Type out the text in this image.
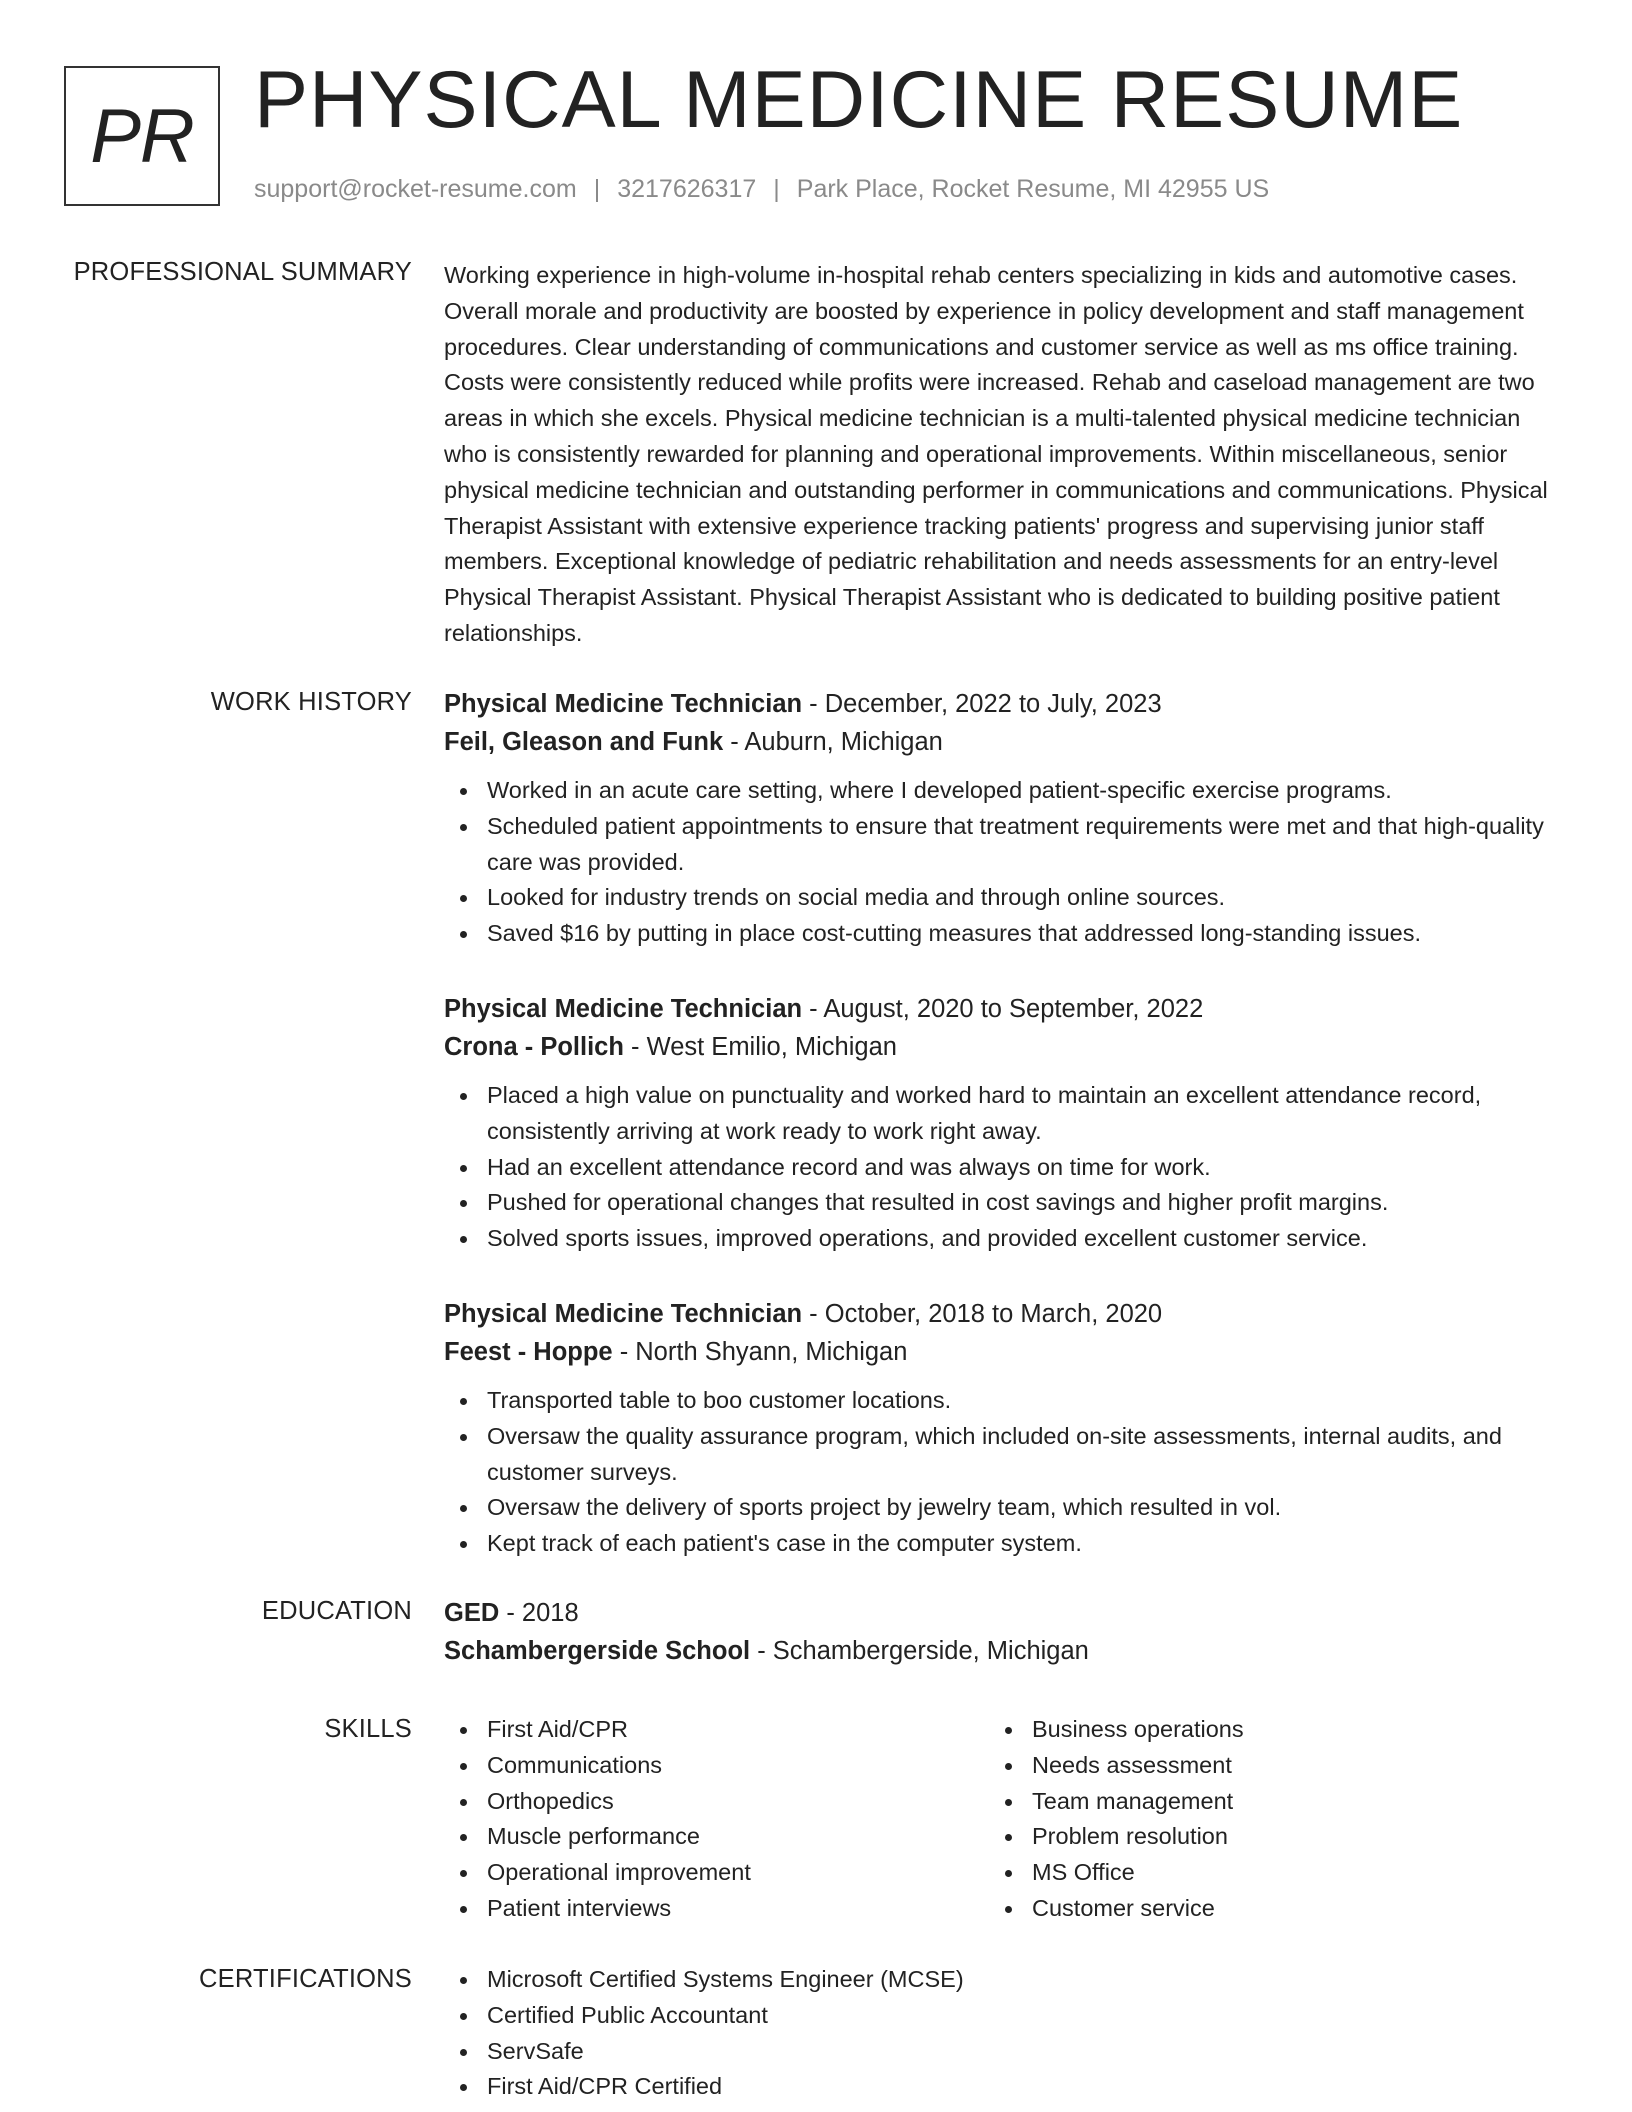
PR PHYSICAL MEDICINE RESUME
support@rocket-resume.com | 3217626317 | Park Place, Rocket Resume, MI 42955 US
PROFESSIONAL SUMMARY Working experience in high-volume in-hospital rehab centers specializing in kids and automotive cases. Overall morale and productivity are boosted by experience in policy development and staff management procedures. Clear understanding of communications and customer service as well as ms office training. Costs were consistently reduced while profits were increased. Rehab and caseload management are two areas in which she excels. Physical medicine technician is a multi-talented physical medicine technician who is consistently rewarded for planning and operational improvements. Within miscellaneous, senior physical medicine technician and outstanding performer in communications and communications. Physical Therapist Assistant with extensive experience tracking patients' progress and supervising junior staff members. Exceptional knowledge of pediatric rehabilitation and needs assessments for an entry-level Physical Therapist Assistant. Physical Therapist Assistant who is dedicated to building positive patient relationships.

WORK HISTORY Physical Medicine Technician - December, 2022 to July, 2023
Feil, Gleason and Funk - Auburn, Michigan
Worked in an acute care setting, where I developed patient-specific exercise programs.
Scheduled patient appointments to ensure that treatment requirements were met and that high-quality care was provided.
Looked for industry trends on social media and through online sources.
Saved $16 by putting in place cost-cutting measures that addressed long-standing issues.
Physical Medicine Technician - August, 2020 to September, 2022
Crona - Pollich - West Emilio, Michigan
Placed a high value on punctuality and worked hard to maintain an excellent attendance record, consistently arriving at work ready to work right away.
Had an excellent attendance record and was always on time for work.
Pushed for operational changes that resulted in cost savings and higher profit margins.
Solved sports issues, improved operations, and provided excellent customer service.
Physical Medicine Technician - October, 2018 to March, 2020
Feest - Hoppe - North Shyann, Michigan
Transported table to boo customer locations.
Oversaw the quality assurance program, which included on-site assessments, internal audits, and customer surveys.
Oversaw the delivery of sports project by jewelry team, which resulted in vol.
Kept track of each patient's case in the computer system.
EDUCATION GED - 2018
Schambergerside School - Schambergerside, Michigan
SKILLS	First Aid/CPR
Communications
Orthopedics
Muscle performance
Operational improvement
Patient interviews
Business operations
Needs assessment
Team management
Problem resolution
MS Office
Customer service
CERTIFICATIONS	Microsoft Certified Systems Engineer (MCSE)
Certified Public Accountant
ServSafe
First Aid/CPR Certified
